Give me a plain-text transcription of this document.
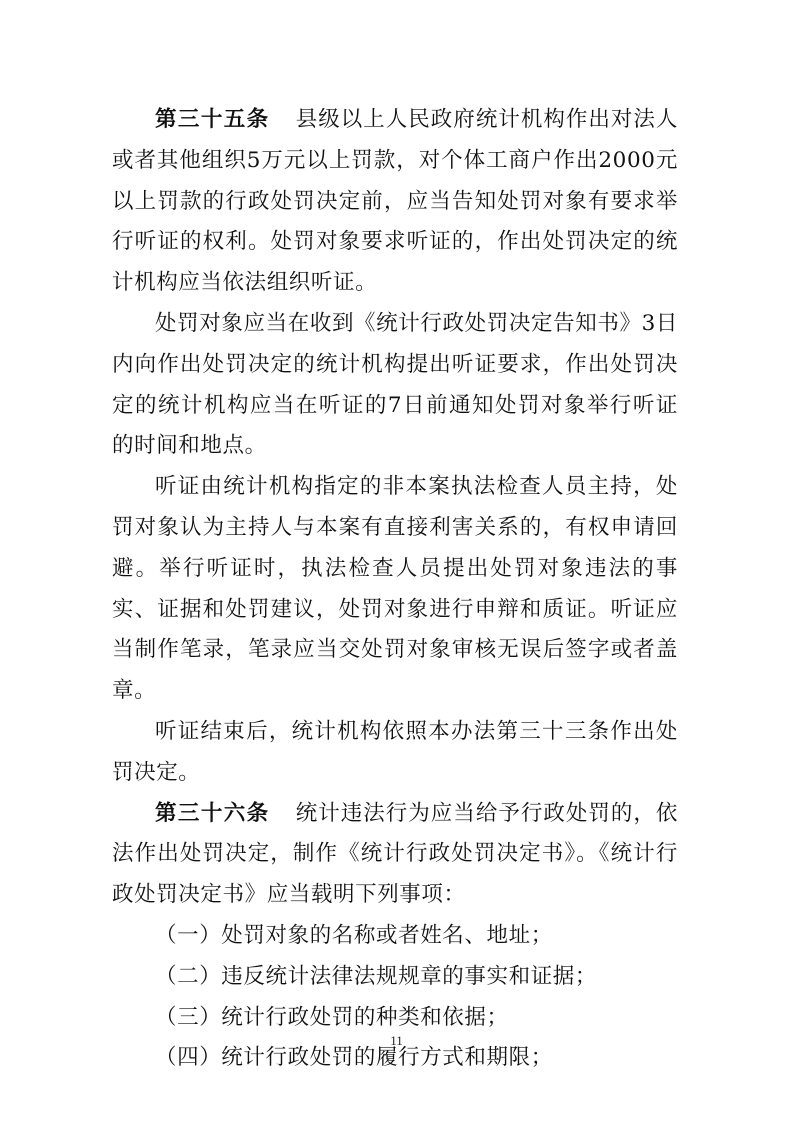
第三十五条 县级以上人民政府统计机构作出对法人或者其他组织5万元以上罚款，对个体工商户作出2000元以上罚款的行政处罚决定前，应当告知处罚对象有要求举行听证的权利。处罚对象要求听证的，作出处罚决定的统计机构应当依法组织听证。

处罚对象应当在收到《统计行政处罚决定告知书》3日内向作出处罚决定的统计机构提出听证要求，作出处罚决定的统计机构应当在听证的7日前通知处罚对象举行听证的时间和地点。

听证由统计机构指定的非本案执法检查人员主持，处罚对象认为主持人与本案有直接利害关系的，有权申请回避。举行听证时，执法检查人员提出处罚对象违法的事实、证据和处罚建议，处罚对象进行申辩和质证。听证应当制作笔录，笔录应当交处罚对象审核无误后签字或者盖章。

听证结束后，统计机构依照本办法第三十三条作出处罚决定。

第三十六条 统计违法行为应当给予行政处罚的，依法作出处罚决定，制作《统计行政处罚决定书》。《统计行政处罚决定书》应当载明下列事项：

（一）处罚对象的名称或者姓名、地址；

（二）违反统计法律法规规章的事实和证据；

（三）统计行政处罚的种类和依据；

（四）统计行政处罚的履行方式和期限；

11
